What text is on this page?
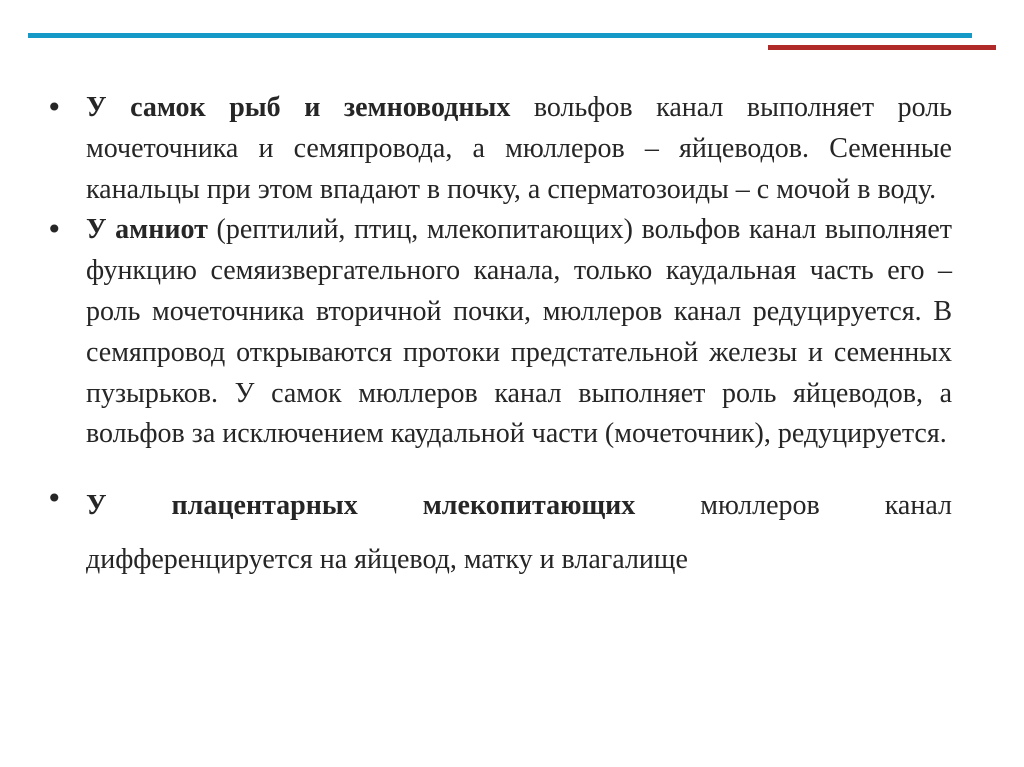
• У самок рыб и земноводных вольфов канал выполняет роль мочеточника и семяпровода, а мюллеров – яйцеводов. Семенные канальцы при этом впадают в почку, а сперматозоиды – с мочой в воду.
• У амниот (рептилий, птиц, млекопитающих) вольфов канал выполняет функцию семяизвергательного канала, только каудальная часть его – роль мочеточника вторичной почки, мюллеров канал редуцируется. В семяпровод открываются протоки предстательной железы и семенных пузырьков. У самок мюллеров канал выполняет роль яйцеводов, а вольфов за исключением каудальной части (мочеточник), редуцируется.
• У плацентарных млекопитающих мюллеров канал дифференцируется на яйцевод, матку и влагалище
